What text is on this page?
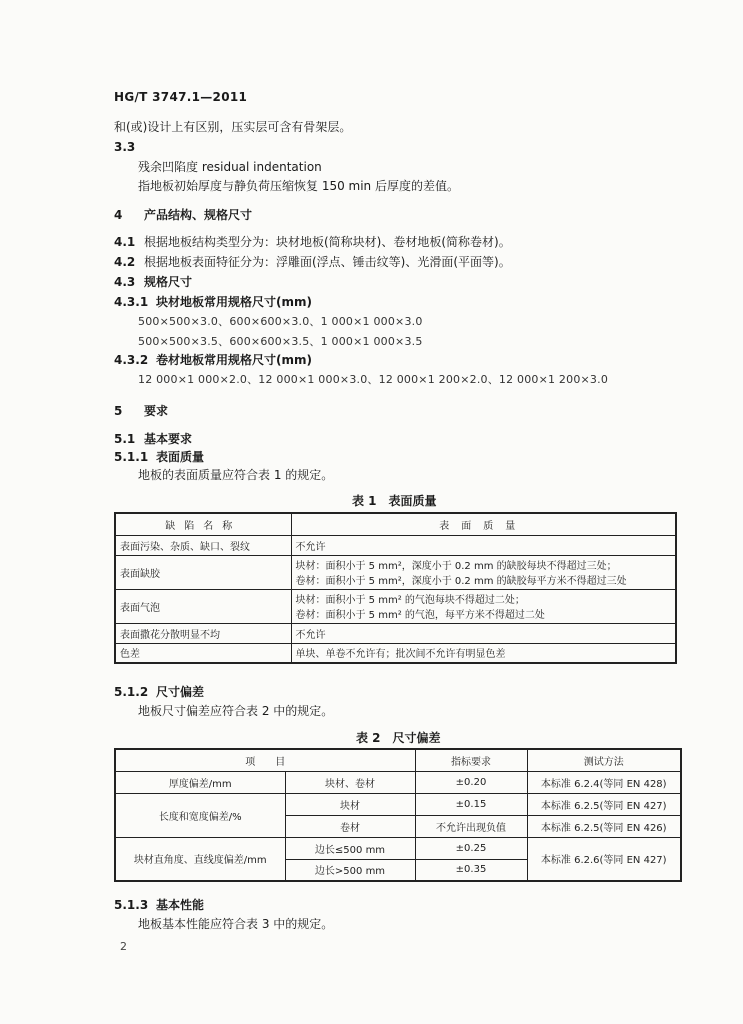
HG/T 3747.1—2011
和(或)设计上有区别，压实层可含有骨架层。
3.3
残余凹陷度 residual indentation
指地板初始厚度与静负荷压缩恢复 150 min 后厚度的差值。
4 产品结构、规格尺寸
4.1 根据地板结构类型分为：块材地板(简称块材)、卷材地板(简称卷材)。
4.2 根据地板表面特征分为：浮雕面(浮点、锤击纹等)、光滑面(平面等)。
4.3 规格尺寸
4.3.1 块材地板常用规格尺寸(mm)
500×500×3.0、600×600×3.0、1 000×1 000×3.0
500×500×3.5、600×600×3.5、1 000×1 000×3.5
4.3.2 卷材地板常用规格尺寸(mm)
12 000×1 000×2.0、12 000×1 000×3.0、12 000×1 200×2.0、12 000×1 200×3.0
5 要求
5.1 基本要求
5.1.1 表面质量
地板的表面质量应符合表 1 的规定。
表 1　表面质量
缺陷名称	表面质量
表面污染、杂质、缺口、裂纹	不允许
表面缺胶	块材：面积小于 5 mm²，深度小于 0.2 mm 的缺胶每块不得超过三处；
卷材：面积小于 5 mm²，深度小于 0.2 mm 的缺胶每平方米不得超过三处

表面气泡	块材：面积小于 5 mm² 的气泡每块不得超过二处；
卷材：面积小于 5 mm² 的气泡，每平方米不得超过二处

表面撒花分散明显不均	不允许
色差	单块、单卷不允许有；批次间不允许有明显色差
5.1.2 尺寸偏差
地板尺寸偏差应符合表 2 中的规定。
表 2　尺寸偏差
项　　目		指标要求	测试方法
厚度偏差/mm	块材、卷材	±0.20	本标准 6.2.4(等同 EN 428)
长度和宽度偏差/%	块材	±0.15	本标准 6.2.5(等同 EN 427)
	卷材	不允许出现负值	本标准 6.2.5(等同 EN 426)
块材直角度、直线度偏差/mm	边长≤500 mm	±0.25	本标准 6.2.6(等同 EN 427)
	边长>500 mm	±0.35	
5.1.3 基本性能
地板基本性能应符合表 3 中的规定。
2
